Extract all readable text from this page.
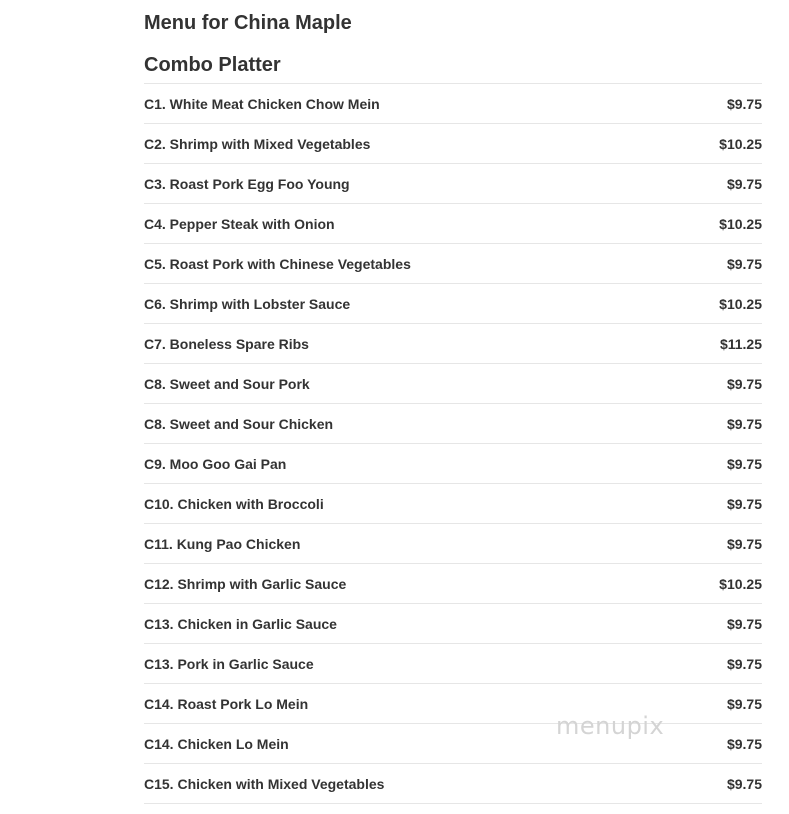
Menu for China Maple
Combo Platter
C1. White Meat Chicken Chow Mein	$9.75
C2. Shrimp with Mixed Vegetables	$10.25
C3. Roast Pork Egg Foo Young	$9.75
C4. Pepper Steak with Onion	$10.25
C5. Roast Pork with Chinese Vegetables	$9.75
C6. Shrimp with Lobster Sauce	$10.25
C7. Boneless Spare Ribs	$11.25
C8. Sweet and Sour Pork	$9.75
C8. Sweet and Sour Chicken	$9.75
C9. Moo Goo Gai Pan	$9.75
C10. Chicken with Broccoli	$9.75
C11. Kung Pao Chicken	$9.75
C12. Shrimp with Garlic Sauce	$10.25
C13. Chicken in Garlic Sauce	$9.75
C13. Pork in Garlic Sauce	$9.75
C14. Roast Pork Lo Mein	$9.75
C14. Chicken Lo Mein	$9.75
C15. Chicken with Mixed Vegetables	$9.75
menupix
